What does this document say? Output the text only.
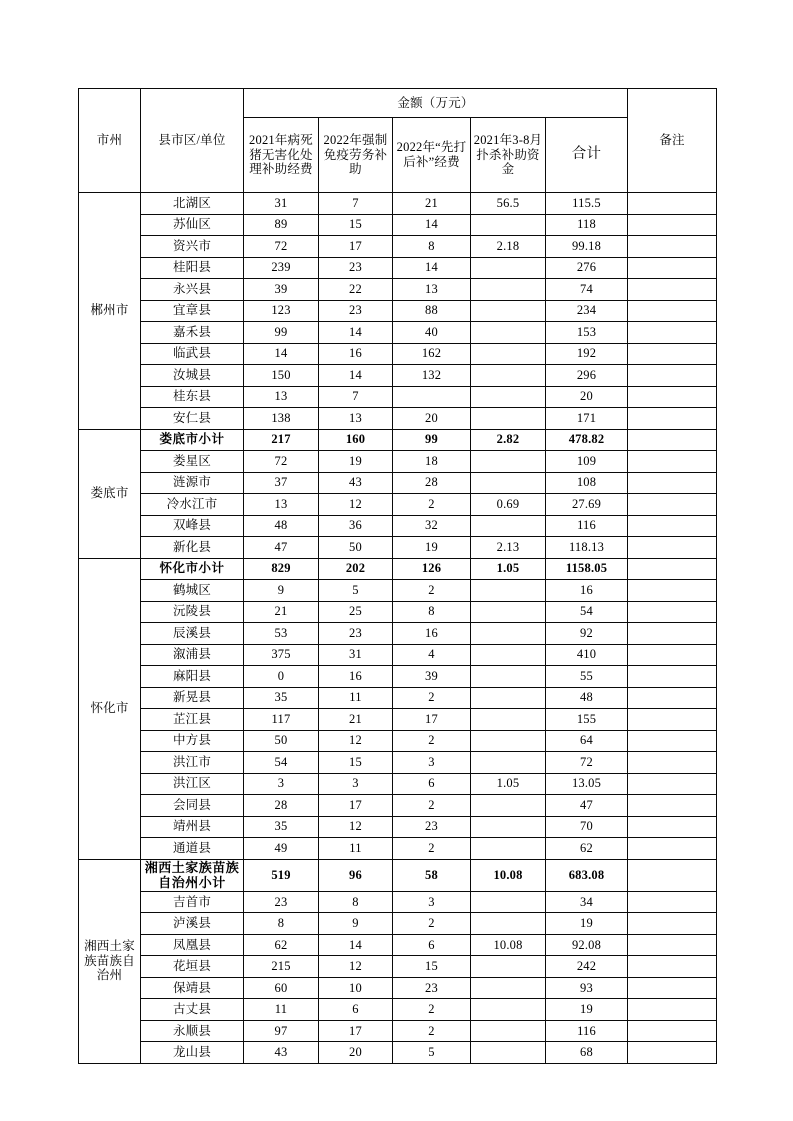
市州	县市区/单位	金额（万元）					备注
		2021年病死猪无害化处理补助经费	2022年强制免疫劳务补助	2022年“先打后补”经费	2021年3-8月扑杀补助资金	合计	
郴州市	北湖区	31	7	21	56.5	115.5	
	苏仙区	89	15	14		118	
	资兴市	72	17	8	2.18	99.18	
	桂阳县	239	23	14		276	
	永兴县	39	22	13		74	
	宜章县	123	23	88		234	
	嘉禾县	99	14	40		153	
	临武县	14	16	162		192	
	汝城县	150	14	132		296	
	桂东县	13	7			20	
	安仁县	138	13	20		171	
娄底市	娄底市小计	217	160	99	2.82	478.82	
	娄星区	72	19	18		109	
	涟源市	37	43	28		108	
	冷水江市	13	12	2	0.69	27.69	
	双峰县	48	36	32		116	
	新化县	47	50	19	2.13	118.13	
怀化市	怀化市小计	829	202	126	1.05	1158.05	
	鹤城区	9	5	2		16	
	沅陵县	21	25	8		54	
	辰溪县	53	23	16		92	
	溆浦县	375	31	4		410	
	麻阳县	0	16	39		55	
	新晃县	35	11	2		48	
	芷江县	117	21	17		155	
	中方县	50	12	2		64	
	洪江市	54	15	3		72	
	洪江区	3	3	6	1.05	13.05	
	会同县	28	17	2		47	
	靖州县	35	12	23		70	
	通道县	49	11	2		62	
湘西土家族苗族自治州	湘西土家族苗族自治州小计	519	96	58	10.08	683.08	
	吉首市	23	8	3		34	
	泸溪县	8	9	2		19	
	凤凰县	62	14	6	10.08	92.08	
	花垣县	215	12	15		242	
	保靖县	60	10	23		93	
	古丈县	11	6	2		19	
	永顺县	97	17	2		116	
	龙山县	43	20	5		68	
